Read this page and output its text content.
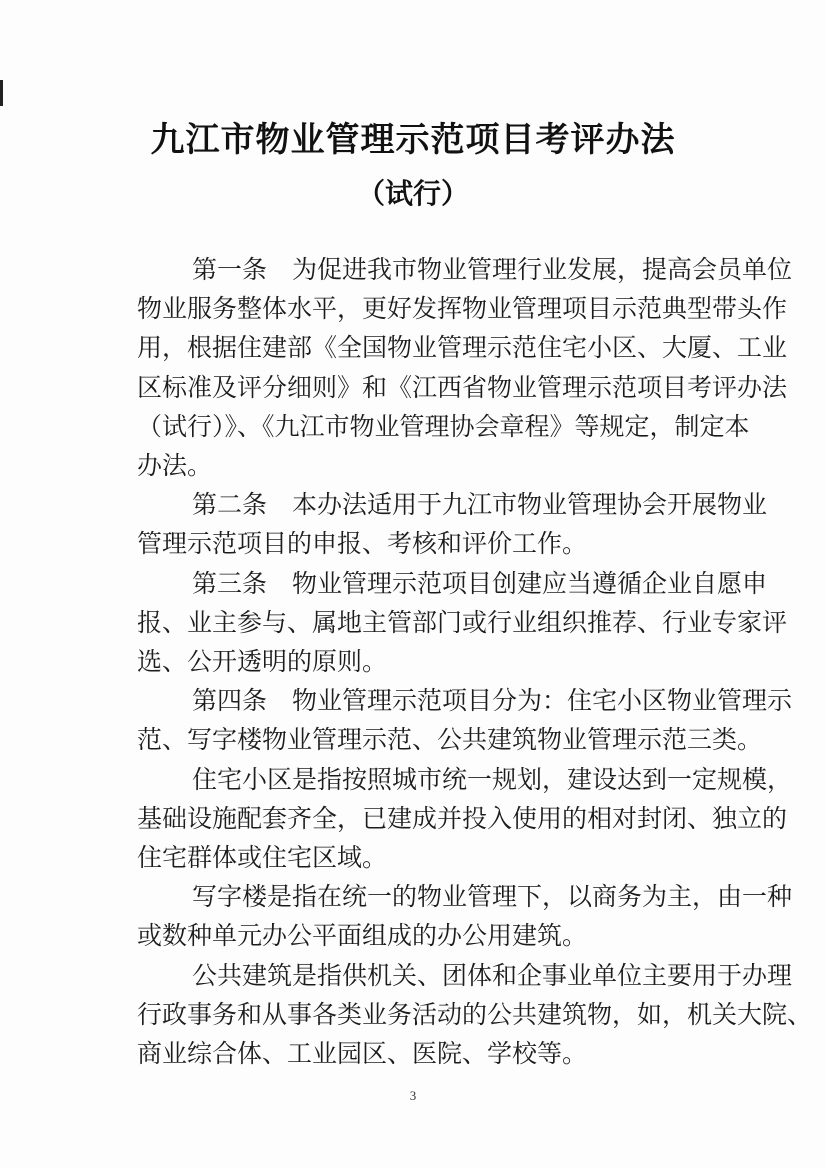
九江市物业管理示范项目考评办法
（试行）
第一条　为促进我市物业管理行业发展，提高会员单位
物业服务整体水平，更好发挥物业管理项目示范典型带头作
用，根据住建部《全国物业管理示范住宅小区、大厦、工业
区标准及评分细则》和《江西省物业管理示范项目考评办法
（试行）》、《九江市物业管理协会章程》等规定，制定本
办法。
第二条　本办法适用于九江市物业管理协会开展物业
管理示范项目的申报、考核和评价工作。
第三条　物业管理示范项目创建应当遵循企业自愿申
报、业主参与、属地主管部门或行业组织推荐、行业专家评
选、公开透明的原则。
第四条　物业管理示范项目分为：住宅小区物业管理示
范、写字楼物业管理示范、公共建筑物业管理示范三类。
住宅小区是指按照城市统一规划，建设达到一定规模，
基础设施配套齐全，已建成并投入使用的相对封闭、独立的
住宅群体或住宅区域。
写字楼是指在统一的物业管理下，以商务为主，由一种
或数种单元办公平面组成的办公用建筑。
公共建筑是指供机关、团体和企事业单位主要用于办理
行政事务和从事各类业务活动的公共建筑物，如，机关大院、
商业综合体、工业园区、医院、学校等。
3
